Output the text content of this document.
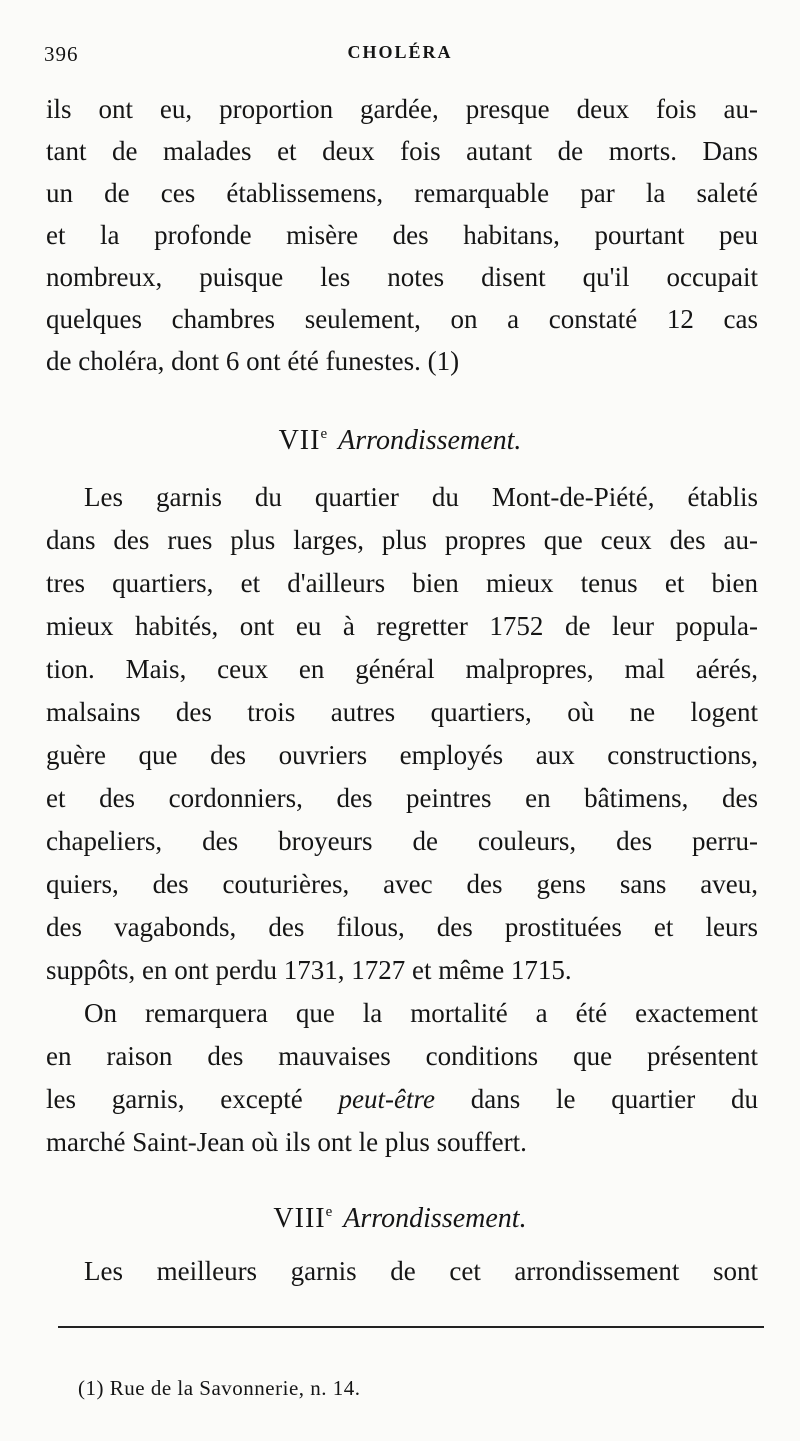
396	CHOLÉRA
ils ont eu, proportion gardée, presque deux fois au-
tant de malades et deux fois autant de morts. Dans
un de ces établissemens, remarquable par la saleté
et la profonde misère des habitans, pourtant peu
nombreux, puisque les notes disent qu'il occupait
quelques chambres seulement, on a constaté 12 cas
de choléra, dont 6 ont été funestes. (1)
VIIe Arrondissement.
Les garnis du quartier du Mont-de-Piété, établis
dans des rues plus larges, plus propres que ceux des au-
tres quartiers, et d'ailleurs bien mieux tenus et bien
mieux habités, ont eu à regretter 1752 de leur popula-
tion. Mais, ceux en général malpropres, mal aérés,
malsains des trois autres quartiers, où ne logent
guère que des ouvriers employés aux constructions,
et des cordonniers, des peintres en bâtimens, des
chapeliers, des broyeurs de couleurs, des perru-
quiers, des couturières, avec des gens sans aveu,
des vagabonds, des filous, des prostituées et leurs
suppôts, en ont perdu 1731, 1727 et même 1715.
On remarquera que la mortalité a été exactement
en raison des mauvaises conditions que présentent
les garnis, excepté peut-être dans le quartier du
marché Saint-Jean où ils ont le plus souffert.
VIIIe Arrondissement.
Les meilleurs garnis de cet arrondissement sont
(1) Rue de la Savonnerie, n. 14.
